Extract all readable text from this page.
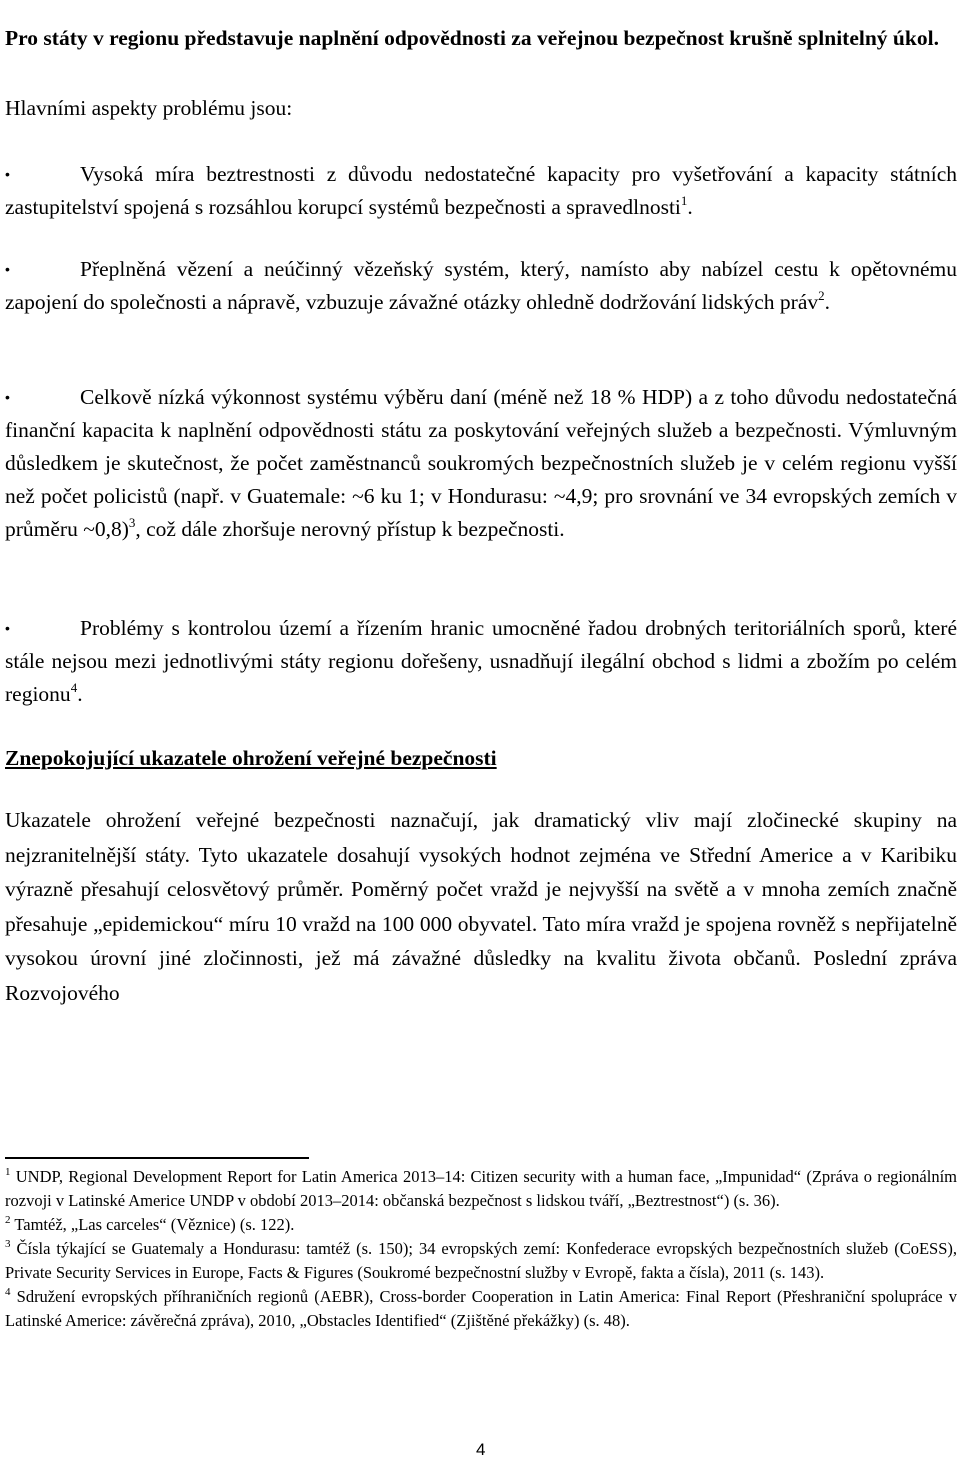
Pro státy v regionu představuje naplnění odpovědnosti za veřejnou bezpečnost krušně splnitelný úkol.

Hlavními aspekty problému jsou:

•	Vysoká míra beztrestnosti z důvodu nedostatečné kapacity pro vyšetřování a kapacity státních zastupitelství spojená s rozsáhlou korupcí systémů bezpečnosti a spravedlnosti$^1$.

•	Přeplněná vězení a neúčinný vězeňský systém, který, namísto aby nabízel cestu k opětovnému zapojení do společnosti a nápravě, vzbuzuje závažné otázky ohledně dodržování lidských práv$^2$.

•	Celkově nízká výkonnost systému výběru daní (méně než 18 % HDP) a z toho důvodu nedostatečná finanční kapacita k naplnění odpovědnosti státu za poskytování veřejných služeb a bezpečnosti. Výmluvným důsledkem je skutečnost, že počet zaměstnanců soukromých bezpečnostních služeb je v celém regionu vyšší než počet policistů (např. v Guatemale: ~6 ku 1; v Hondurasu: ~4,9; pro srovnání ve 34 evropských zemích v průměru ~0,8)$^3$, což dále zhoršuje nerovný přístup k bezpečnosti.

•	Problémy s kontrolou území a řízením hranic umocněné řadou drobných teritoriálních sporů, které stále nejsou mezi jednotlivými státy regionu dořešeny, usnadňují ilegální obchod s lidmi a zbožím po celém regionu$^4$.

Znepokojující ukazatele ohrožení veřejné bezpečnosti

Ukazatele ohrožení veřejné bezpečnosti naznačují, jak dramatický vliv mají zločinecké skupiny na nejzranitelnější státy. Tyto ukazatele dosahují vysokých hodnot zejména ve Střední Americe a v Karibiku výrazně přesahují celosvětový průměr. Poměrný počet vražd je nejvyšší na světě a v mnoha zemích značně přesahuje „epidemickou“ míru 10 vražd na 100 000 obyvatel. Tato míra vražd je spojena rovněž s nepřijatelně vysokou úrovní jiné zločinnosti, jež má závažné důsledky na kvalitu života občanů. Poslední zpráva Rozvojového

$^1$ UNDP, Regional Development Report for Latin America 2013–14: Citizen security with a human face, „Impunidad“ (Zpráva o regionálním rozvoji v Latinské Americe UNDP v období 2013–2014: občanská bezpečnost s lidskou tváří, „Beztrestnost“) (s. 36).

$^2$ Tamtéž, „Las carceles“ (Věznice) (s. 122).

$^3$ Čísla týkající se Guatemaly a Hondurasu: tamtéž (s. 150); 34 evropských zemí: Konfederace evropských bezpečnostních služeb (CoESS), Private Security Services in Europe, Facts & Figures (Soukromé bezpečnostní služby v Evropě, fakta a čísla), 2011 (s. 143).

$^4$ Sdružení evropských příhraničních regionů (AEBR), Cross-border Cooperation in Latin America: Final Report (Přeshraniční spolupráce v Latinské Americe: závěrečná zpráva), 2010, „Obstacles Identified“ (Zjištěné překážky) (s. 48).

4
